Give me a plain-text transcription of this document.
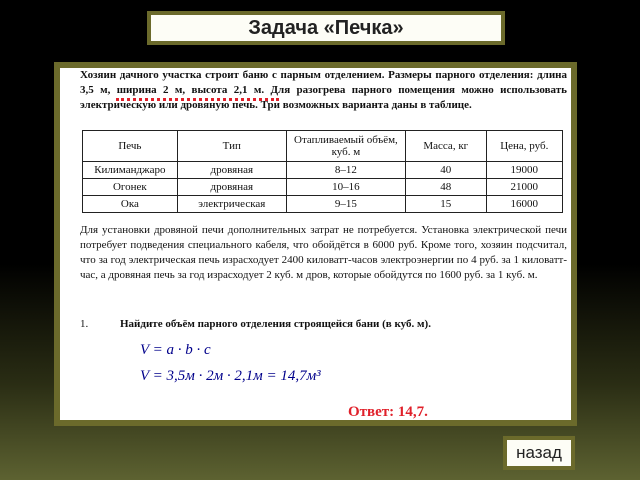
Задача «Печка»
Хозяин дачного участка строит баню с парным отделением. Размеры парного отделения: длина 3,5 м, ширина 2 м, высота 2,1 м. Для разогрева парного помещения можно использовать электрическую или дровяную печь. Три возможных варианта даны в таблице.
Печь	Тип	Отапливаемый объём, куб. м	Масса, кг	Цена, руб.
Килиманджаро	дровяная	8–12	40	19000
Огонек	дровяная	10–16	48	21000
Ока	электрическая	9–15	15	16000
Для установки дровяной печи дополнительных затрат не потребуется. Установка электрической печи потребует подведения специального кабеля, что обойдётся в 6000 руб. Кроме того, хозяин подсчитал, что за год электрическая печь израсходует 2400 киловатт-часов электроэнергии по 4 руб. за 1 киловатт-час, а дровяная печь за год израсходует 2 куб. м дров, которые обойдутся по 1600 руб. за 1 куб. м.
1.	Найдите объём парного отделения строящейся бани (в куб. м).
V = a · b · c
V = 3,5м · 2м · 2,1м = 14,7м³
Ответ: 14,7.
назад
